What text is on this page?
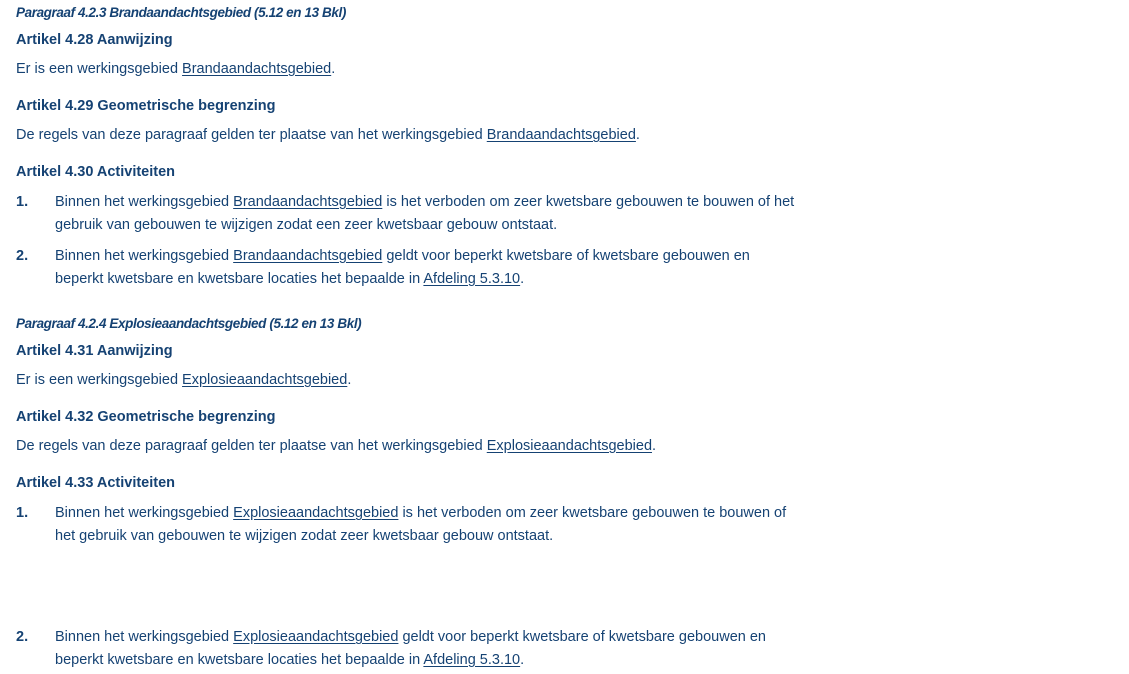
Paragraaf 4.2.3 Brandaandachtsgebied (5.12 en 13 Bkl)
Artikel 4.28 Aanwijzing
Er is een werkingsgebied Brandaandachtsgebied.
Artikel 4.29 Geometrische begrenzing
De regels van deze paragraaf gelden ter plaatse van het werkingsgebied Brandaandachtsgebied.
Artikel 4.30 Activiteiten
1. Binnen het werkingsgebied Brandaandachtsgebied is het verboden om zeer kwetsbare gebouwen te bouwen of het
gebruik van gebouwen te wijzigen zodat een zeer kwetsbaar gebouw ontstaat.
2. Binnen het werkingsgebied Brandaandachtsgebied geldt voor beperkt kwetsbare of kwetsbare gebouwen en
beperkt kwetsbare en kwetsbare locaties het bepaalde in Afdeling 5.3.10.
Paragraaf 4.2.4 Explosieaandachtsgebied (5.12 en 13 Bkl)
Artikel 4.31 Aanwijzing
Er is een werkingsgebied Explosieaandachtsgebied.
Artikel 4.32 Geometrische begrenzing
De regels van deze paragraaf gelden ter plaatse van het werkingsgebied Explosieaandachtsgebied.
Artikel 4.33 Activiteiten
1. Binnen het werkingsgebied Explosieaandachtsgebied is het verboden om zeer kwetsbare gebouwen te bouwen of
het gebruik van gebouwen te wijzigen zodat zeer kwetsbaar gebouw ontstaat.
2. Binnen het werkingsgebied Explosieaandachtsgebied geldt voor beperkt kwetsbare of kwetsbare gebouwen en
beperkt kwetsbare en kwetsbare locaties het bepaalde in Afdeling 5.3.10.
